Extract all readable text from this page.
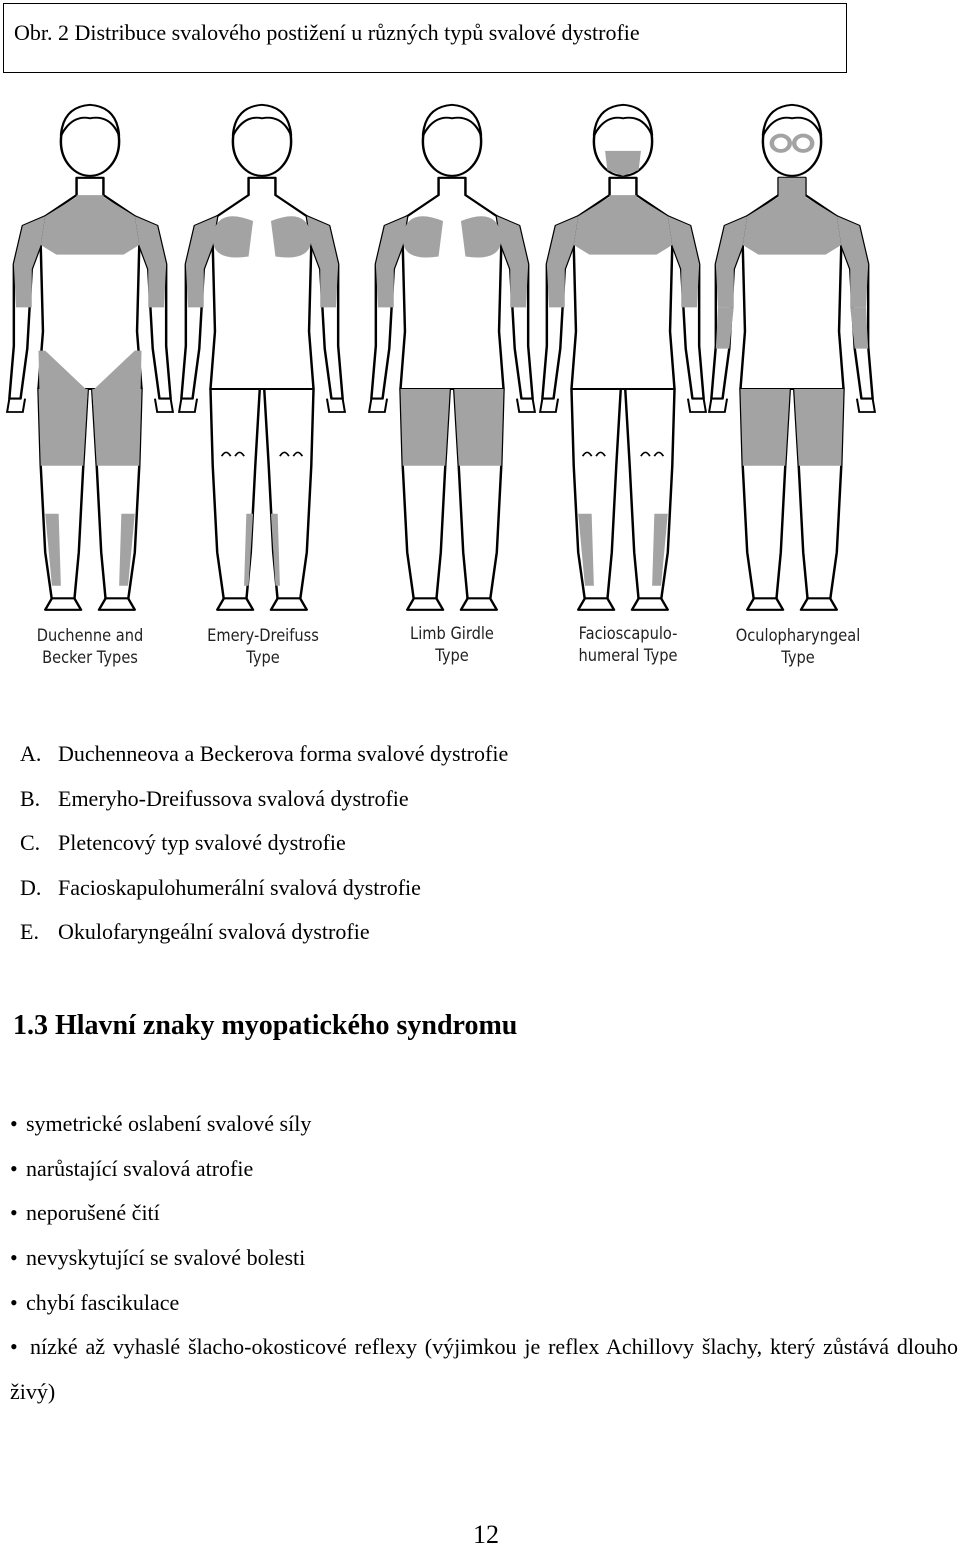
Obr. 2 Distribuce svalového postižení u různých typů svalové dystrofie
Duchenne and
Becker Types
Emery-Dreifuss
Type
Limb Girdle
Type
Facioscapulo-
humeral Type
Oculopharyngeal
Type
A. Duchenneova a Beckerova forma svalové dystrofie
B. Emeryho-Dreifussova svalová dystrofie
C. Pletencový typ svalové dystrofie
D. Facioskapulohumerální svalová dystrofie
E. Okulofaryngeální svalová dystrofie
1.3 Hlavní znaky myopatického syndromu
• symetrické oslabení svalové síly
• narůstající svalová atrofie
• neporušené čití
• nevyskytující se svalové bolesti
• chybí fascikulace
• nízké až vyhaslé šlacho-okosticové reflexy (výjimkou je reflex Achillovy šlachy, který zůstává dlouho živý)
12
